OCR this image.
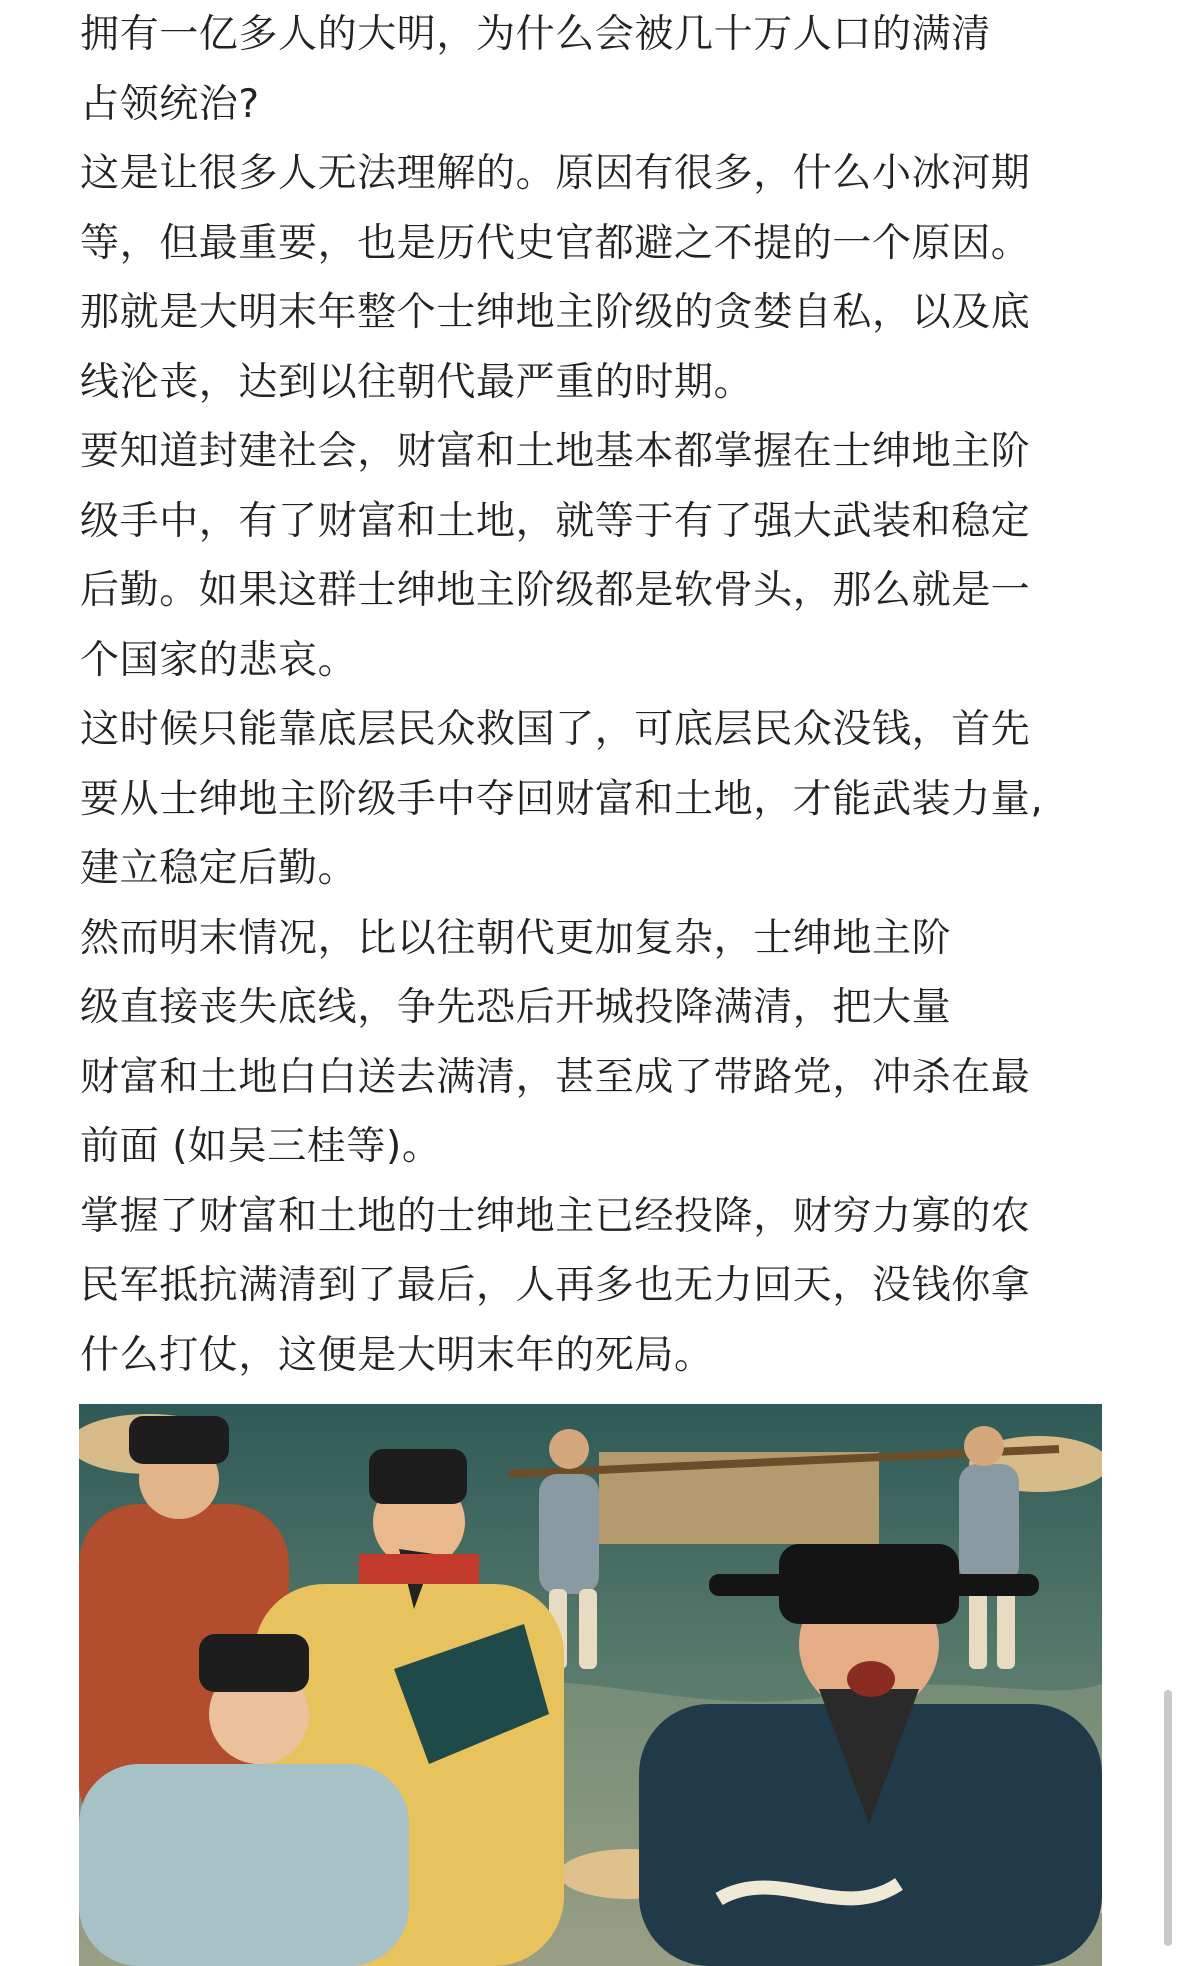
拥有一亿多人的大明，为什么会被几十万人口的满清
占领统治?
这是让很多人无法理解的。原因有很多，什么小冰河期
等，但最重要，也是历代史官都避之不提的一个原因。
那就是大明末年整个士绅地主阶级的贪婪自私，以及底
线沦丧，达到以往朝代最严重的时期。
要知道封建社会，财富和土地基本都掌握在士绅地主阶
级手中，有了财富和土地，就等于有了强大武装和稳定
后勤。如果这群士绅地主阶级都是软骨头，那么就是一
个国家的悲哀。
这时候只能靠底层民众救国了，可底层民众没钱，首先
要从士绅地主阶级手中夺回财富和土地，才能武装力量,
建立稳定后勤。
然而明末情况，比以往朝代更加复杂，士绅地主阶
级直接丧失底线，争先恐后开城投降满清，把大量
财富和土地白白送去满清，甚至成了带路党，冲杀在最
前面 (如吴三桂等)。
掌握了财富和土地的士绅地主已经投降，财穷力寡的农
民军抵抗满清到了最后，人再多也无力回天，没钱你拿
什么打仗，这便是大明末年的死局。
